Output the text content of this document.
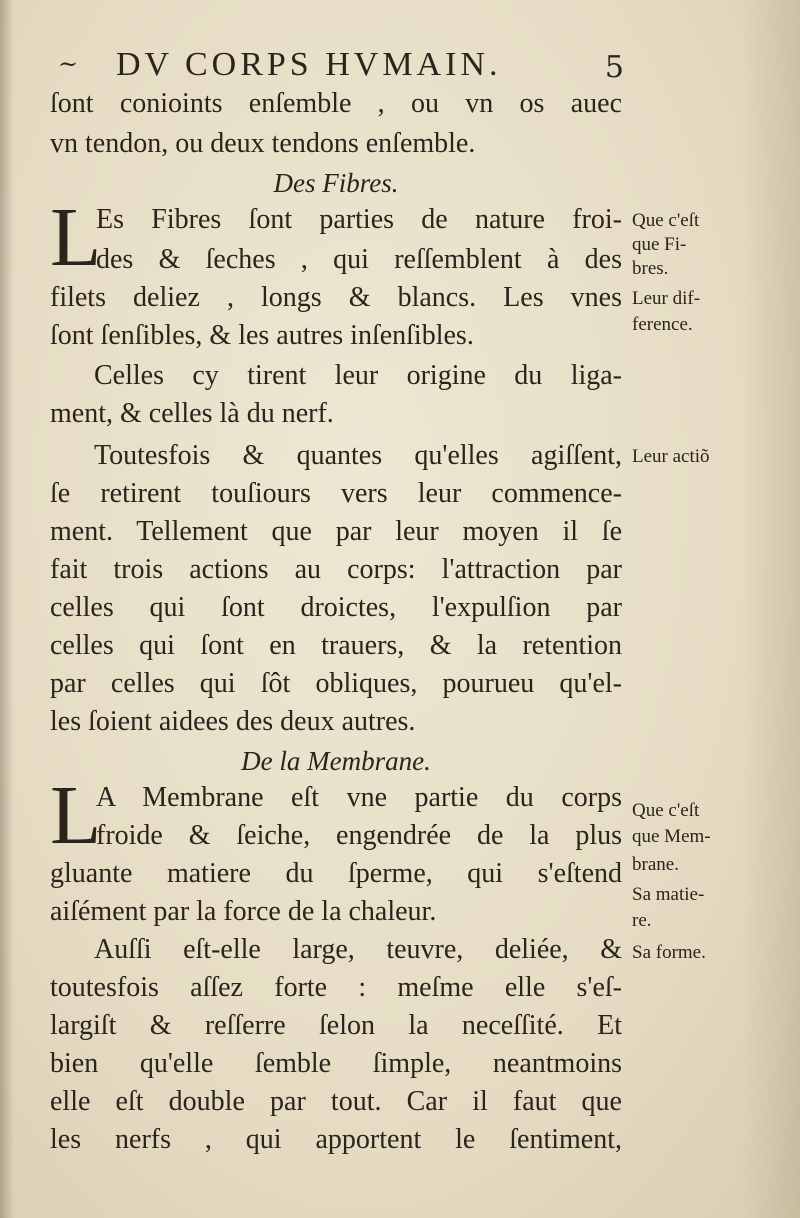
~ DV CORPS HVMAIN.	5
ſont conioints enſemble , ou vn os auec
vn tendon, ou deux tendons enſemble.
Des Fibres.
L
Es Fibres ſont parties de nature froi-
des & ſeches , qui reſſemblent à des
filets deliez , longs & blancs. Les vnes
ſont ſenſibles, & les autres inſenſibles.
Celles cy tirent leur origine du liga-
ment, & celles là du nerf.
Toutesfois & quantes qu'elles agiſſent,
ſe retirent touſiours vers leur commence-
ment. Tellement que par leur moyen il ſe
fait trois actions au corps: l'attraction par
celles qui ſont droictes, l'expulſion par
celles qui ſont en trauers, & la retention
par celles qui ſôt obliques, pourueu qu'el-
les ſoient aidees des deux autres.
De la Membrane.
L
A Membrane eſt vne partie du corps
froide & ſeiche, engendrée de la plus
gluante matiere du ſperme, qui s'eſtend
aiſément par la force de la chaleur.
Auſſi eſt-elle large, teuvre, deliée, &
toutesfois aſſez forte : meſme elle s'eſ-
largiſt & reſſerre ſelon la neceſſité. Et
bien qu'elle ſemble ſimple, neantmoins
elle eſt double par tout. Car il faut que
les nerfs , qui apportent le ſentiment,
Que c'eſt
que Fi-
bres.
Leur dif-
ference.
Leur actiõ
Que c'eſt
que Mem-
brane.
Sa matie-
re.
Sa forme.
